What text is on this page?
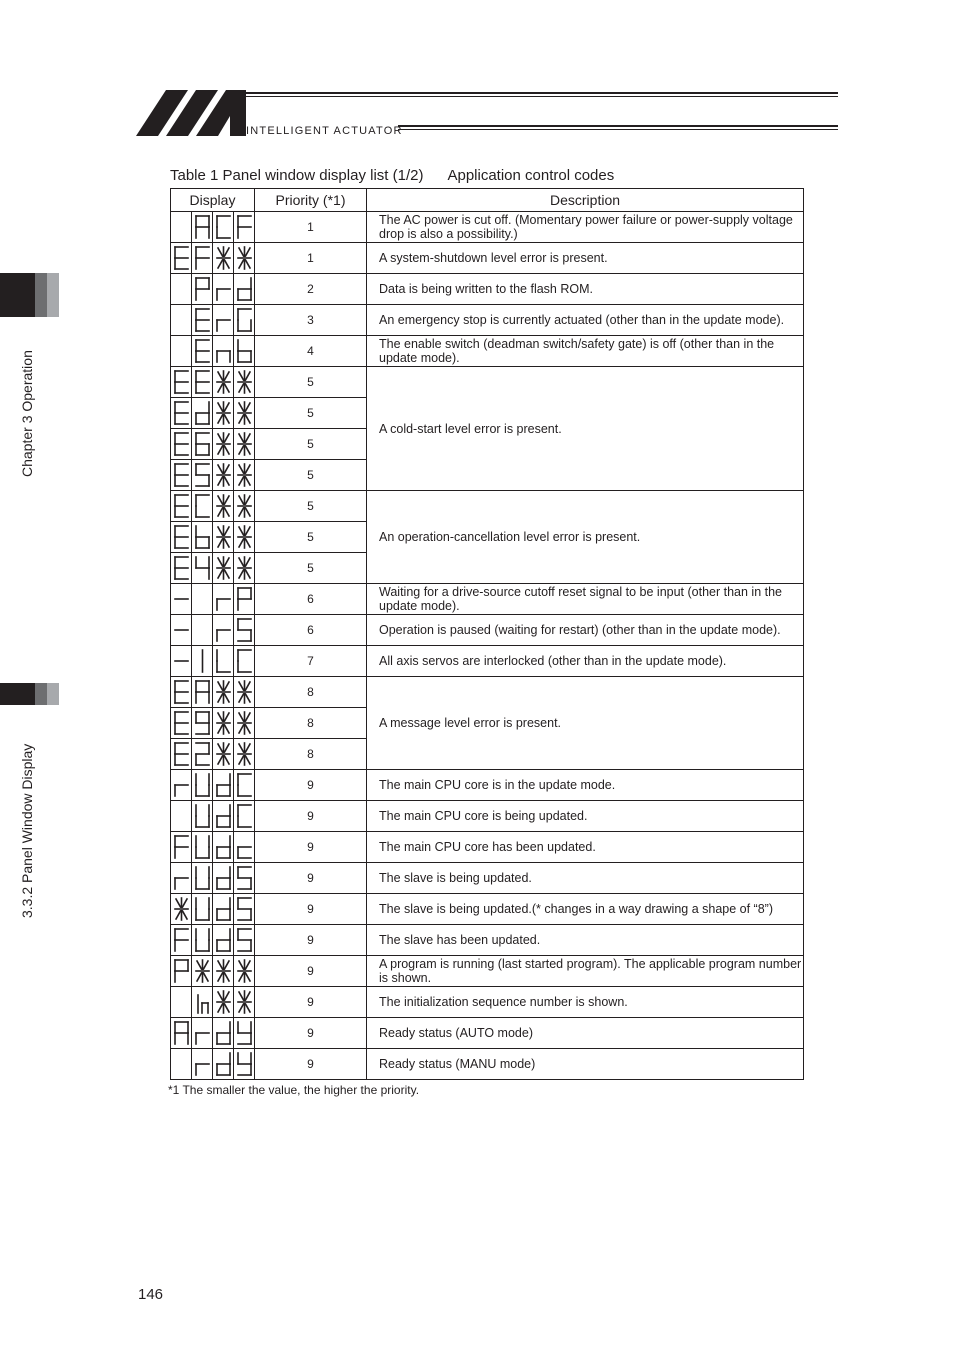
INTELLIGENT ACTUATOR
Chapter 3 Operation
3.3.2 Panel Window Display
Table 1 Panel window display list (1/2) Application control codes
Display				Priority (*1)	Description

	1	The AC power is cut off. (Momentary power failure or power-supply voltage drop is also a possibility.)

	1	A system-shutdown level error is present.

	2	Data is being written to the flash ROM.

	3	An emergency stop is currently actuated (other than in the update mode).

	4	The enable switch (deadman switch/safety gate) is off (other than in the update mode).

	5	A cold-start level error is present.

	5	

	5	

	5	

	5	An operation-cancellation level error is present.

	5	

	5	

	6	Waiting for a drive-source cutoff reset signal to be input (other than in the update mode).

	6	Operation is paused (waiting for restart) (other than in the update mode).

	7	All axis servos are interlocked (other than in the update mode).

	8	A message level error is present.

	8	

	8	

	9	The main CPU core is in the update mode.

	9	The main CPU core is being updated.

	9	The main CPU core has been updated.

	9	The slave is being updated.

	9	The slave is being updated.(* changes in a way drawing a shape of “8”)

	9	The slave has been updated.

	9	A program is running (last started program). The applicable program number is shown.

	9	The initialization sequence number is shown.

	9	Ready status (AUTO mode)

	9	Ready status (MANU mode)
*1 The smaller the value, the higher the priority.
146
